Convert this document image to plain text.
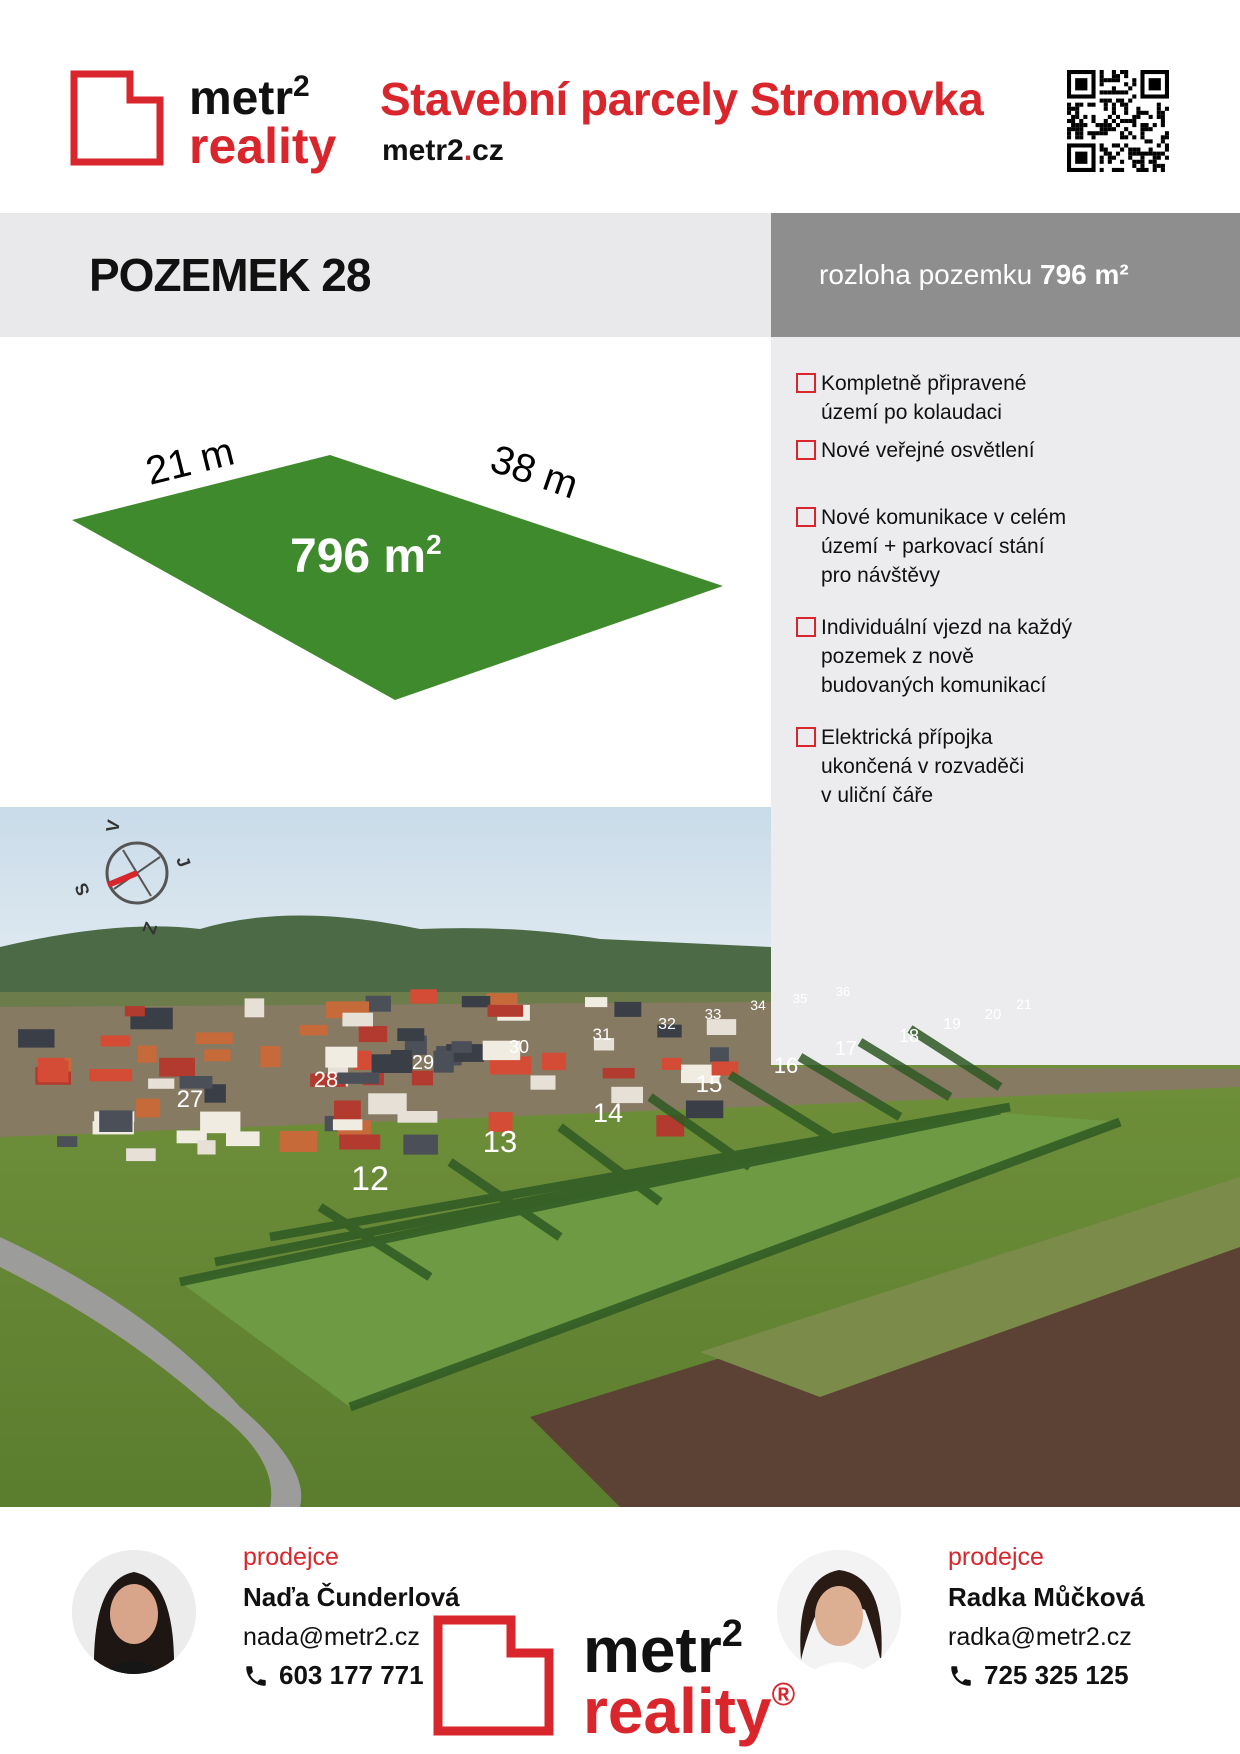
metr$^2$
reality
Stavební parcely Stromovka
metr2.cz
POZEMEK 28	rozloha pozemku 796 m²
21 m	38 m
796 $m^2$
Kompletně připravené
území po kolaudaci
Nové veřejné osvětlení
Nové komunikace v celém
území + parkovací stání
pro návštěvy
Individuální vjezd na každý
pozemek z nově
budovaných komunikací
Elektrická přípojka
ukončená v rozvaděči
v uliční čáře
12
13
14
15
16
17
18
19
20
21
27
28
29
30
31
32
33
34 35 36
V
J
Z
S
prodejce
Naďa Čunderlová
nada@metr2.cz
603 177 771 metr$^2$
reality®
prodejce
Radka Můčková
radka@metr2.cz
725 325 125
